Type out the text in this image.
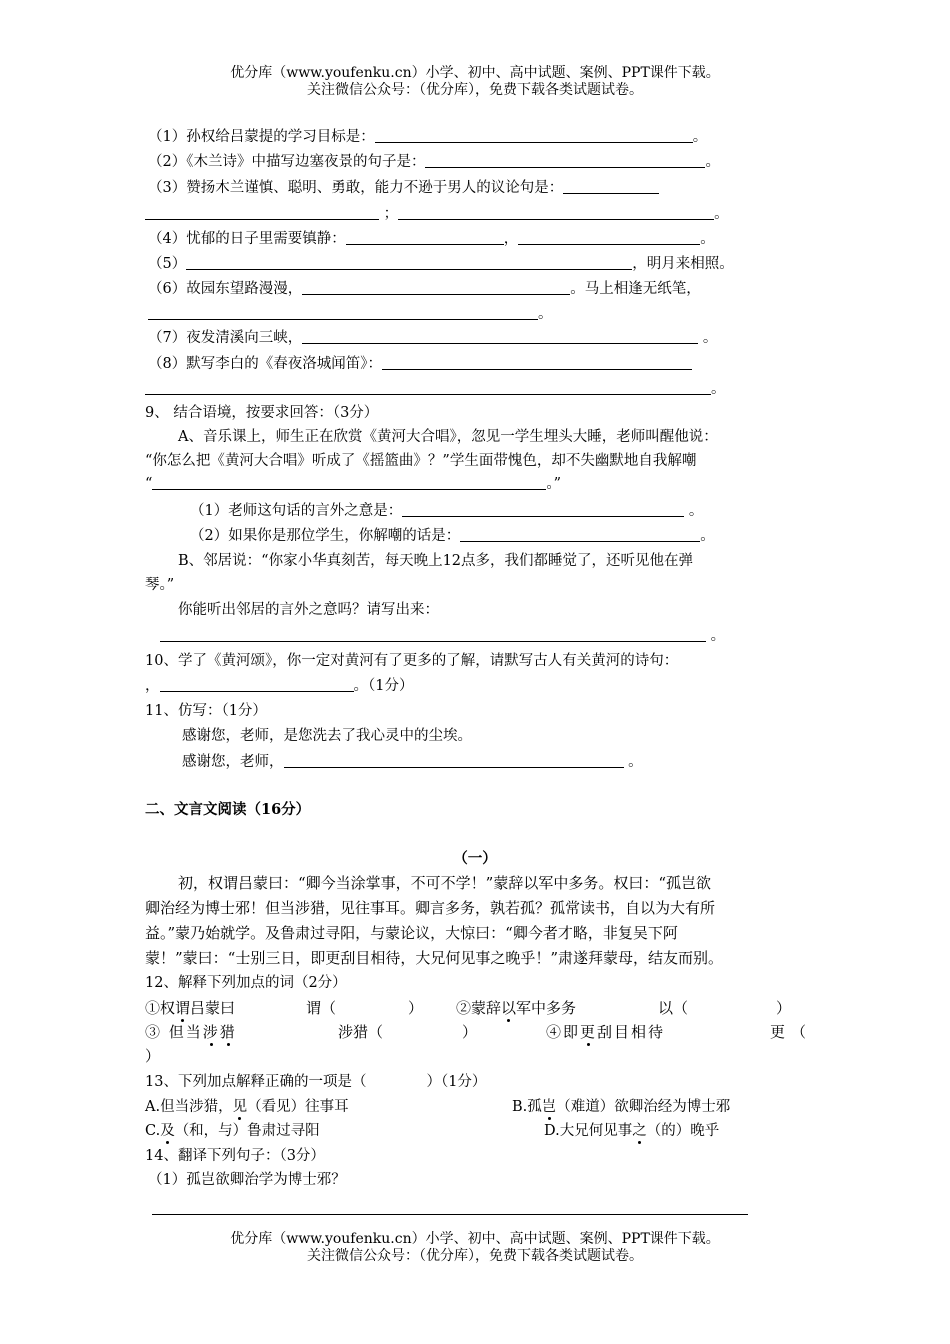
优分库（www.youfenku.cn）小学、初中、高中试题、案例、PPT课件下载。
关注微信公众号：（优分库），免费下载各类试题试卷。
（1）孙权给吕蒙提的学习目标是：	。
（2）《木兰诗》中描写边塞夜景的句子是：	。
（3）赞扬木兰谨慎、聪明、勇敢，能力不逊于男人的议论句是：
；	。
（4）忧郁的日子里需要镇静：	，	。
（5）	，明月来相照。
（6）故园东望路漫漫，	。马上相逢无纸笔，
。
（7）夜发清溪向三峡，	。
（8）默写李白的《春夜洛城闻笛》：
。
9、 结合语境，按要求回答：（3分）
A、音乐课上，师生正在欣赏《黄河大合唱》，忽见一学生埋头大睡，老师叫醒他说：
“你怎么把《黄河大合唱》听成了《摇篮曲》？”学生面带愧色，却不失幽默地自我解嘲
“	。”
（1）老师这句话的言外之意是：	。
（2）如果你是那位学生，你解嘲的话是：	。
B、邻居说：“你家小华真刻苦，每天晚上12点多，我们都睡觉了，还听见他在弹
琴。”
你能听出邻居的言外之意吗？请写出来：
。
10、学了《黄河颂》，你一定对黄河有了更多的了解，请默写古人有关黄河的诗句：
，	。（1分）
11、仿写：（1分）
感谢您，老师，是您洗去了我心灵中的尘埃。
感谢您，老师，	。
二、文言文阅读（16分）
（一）
初，权谓吕蒙曰：“卿今当涂掌事，不可不学！”蒙辞以军中多务。权曰：“孤岂欲
卿治经为博士邪！但当涉猎，见往事耳。卿言多务，孰若孤？孤常读书，自以为大有所
益。”蒙乃始就学。及鲁肃过寻阳，与蒙论议，大惊曰：“卿今者才略，非复吴下阿
蒙！”蒙曰：“士别三日，即更刮目相待，大兄何见事之晚乎！”肃遂拜蒙母，结友而别。
12、解释下列加点的词（2分）
①权谓吕蒙曰	谓（	） ②蒙辞以军中多务	以（	）
③ 但当涉猎	涉猎（	）	④即更刮目相待	更（
）
13、下列加点解释正确的一项是（	）（1分）
A.但当涉猎，见（看见）往事耳	B.孤岂（难道）欲卿治经为博士邪
C.及（和，与）鲁肃过寻阳	D.大兄何见事之（的）晚乎
14、翻译下列句子：（3分）
（1）孤岂欲卿治学为博士邪？
优分库（www.youfenku.cn）小学、初中、高中试题、案例、PPT课件下载。
关注微信公众号：（优分库），免费下载各类试题试卷。
